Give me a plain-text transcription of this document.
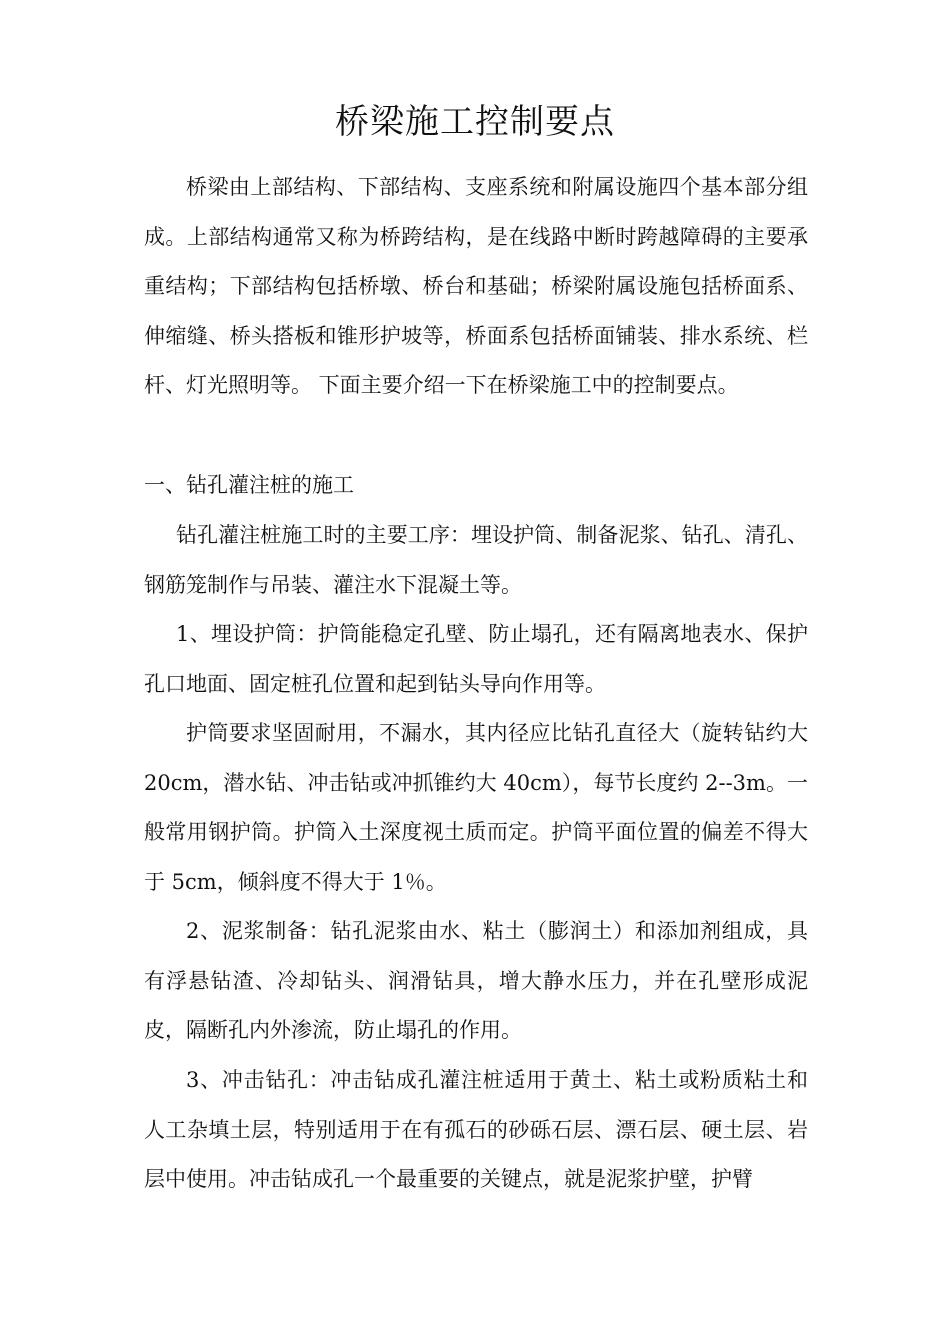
桥梁施工控制要点

桥梁由上部结构、下部结构、支座系统和附属设施四个基本部分组成。上部结构通常又称为桥跨结构，是在线路中断时跨越障碍的主要承重结构；下部结构包括桥墩、桥台和基础；桥梁附属设施包括桥面系、伸缩缝、桥头搭板和锥形护坡等，桥面系包括桥面铺装、排水系统、栏杆、灯光照明等。 下面主要介绍一下在桥梁施工中的控制要点。

一、钻孔灌注桩的施工

钻孔灌注桩施工时的主要工序：埋设护筒、制备泥浆、钻孔、清孔、钢筋笼制作与吊装、灌注水下混凝土等。

1、埋设护筒：护筒能稳定孔壁、防止塌孔，还有隔离地表水、保护孔口地面、固定桩孔位置和起到钻头导向作用等。

护筒要求坚固耐用，不漏水，其内径应比钻孔直径大（旋转钻约大 20cm，潜水钻、冲击钻或冲抓锥约大 40cm），每节长度约 2--3m。一般常用钢护筒。护筒入土深度视土质而定。护筒平面位置的偏差不得大于 5cm，倾斜度不得大于 1％。

2、泥浆制备：钻孔泥浆由水、粘土（膨润土）和添加剂组成，具有浮悬钻渣、冷却钻头、润滑钻具，增大静水压力，并在孔壁形成泥皮，隔断孔内外渗流，防止塌孔的作用。

3、冲击钻孔：冲击钻成孔灌注桩适用于黄土、粘土或粉质粘土和人工杂填土层，特别适用于在有孤石的砂砾石层、漂石层、硬土层、岩层中使用。冲击钻成孔一个最重要的关键点，就是泥浆护壁，护臂
